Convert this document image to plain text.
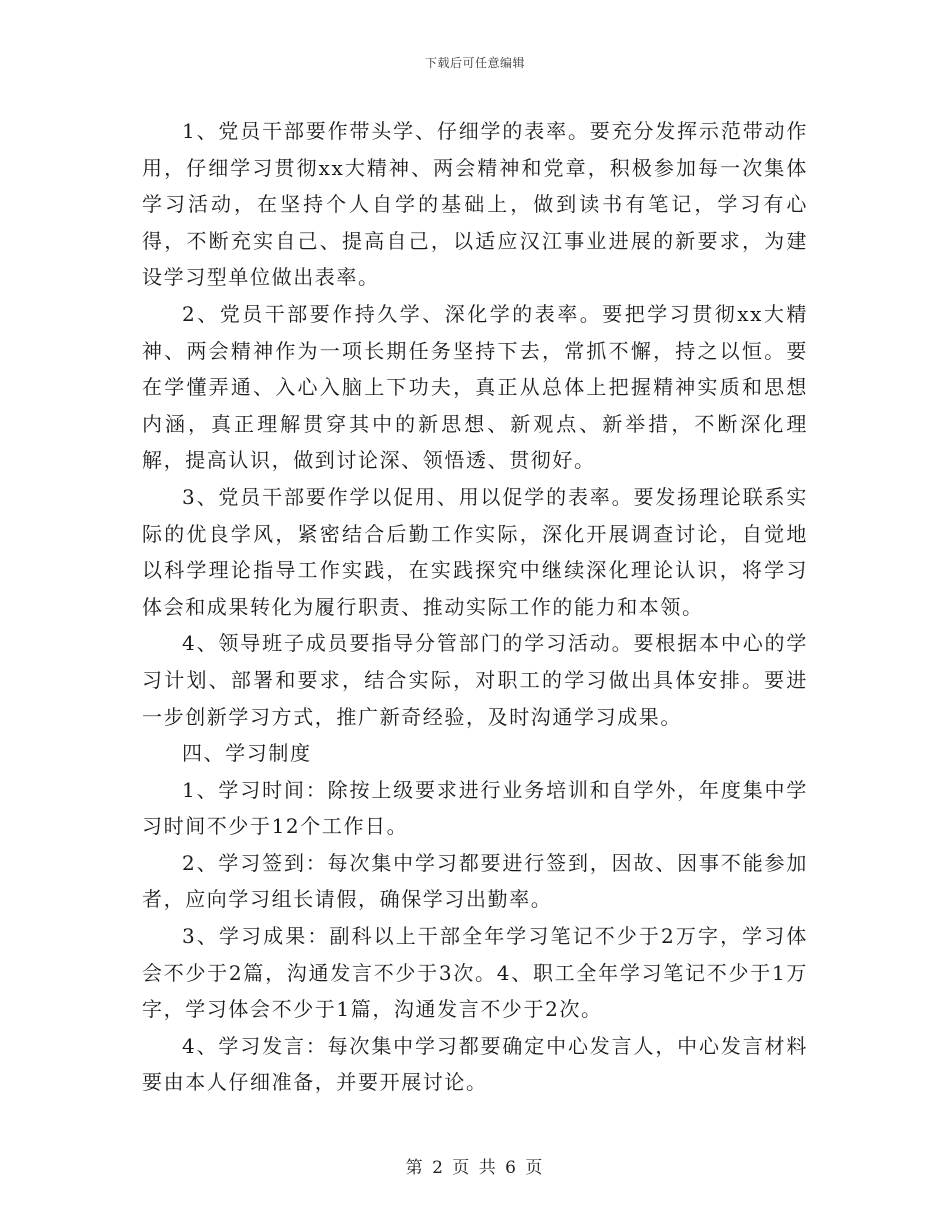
下载后可任意编辑

1、党员干部要作带头学、仔细学的表率。要充分发挥示范带动作用，仔细学习贯彻xx大精神、两会精神和党章，积极参加每一次集体学习活动，在坚持个人自学的基础上，做到读书有笔记，学习有心得，不断充实自己、提高自己，以适应汉江事业进展的新要求，为建设学习型单位做出表率。

2、党员干部要作持久学、深化学的表率。要把学习贯彻xx大精神、两会精神作为一项长期任务坚持下去，常抓不懈，持之以恒。要在学懂弄通、入心入脑上下功夫，真正从总体上把握精神实质和思想内涵，真正理解贯穿其中的新思想、新观点、新举措，不断深化理解，提高认识，做到讨论深、领悟透、贯彻好。

3、党员干部要作学以促用、用以促学的表率。要发扬理论联系实际的优良学风，紧密结合后勤工作实际，深化开展调查讨论，自觉地以科学理论指导工作实践，在实践探究中继续深化理论认识，将学习体会和成果转化为履行职责、推动实际工作的能力和本领。

4、领导班子成员要指导分管部门的学习活动。要根据本中心的学习计划、部署和要求，结合实际，对职工的学习做出具体安排。要进一步创新学习方式，推广新奇经验，及时沟通学习成果。

四、学习制度

1、学习时间：除按上级要求进行业务培训和自学外，年度集中学习时间不少于12个工作日。

2、学习签到：每次集中学习都要进行签到，因故、因事不能参加者，应向学习组长请假，确保学习出勤率。

3、学习成果：副科以上干部全年学习笔记不少于2万字，学习体会不少于2篇，沟通发言不少于3次。4、职工全年学习笔记不少于1万字，学习体会不少于1篇，沟通发言不少于2次。

4、学习发言：每次集中学习都要确定中心发言人，中心发言材料要由本人仔细准备，并要开展讨论。

第 2 页 共 6 页
